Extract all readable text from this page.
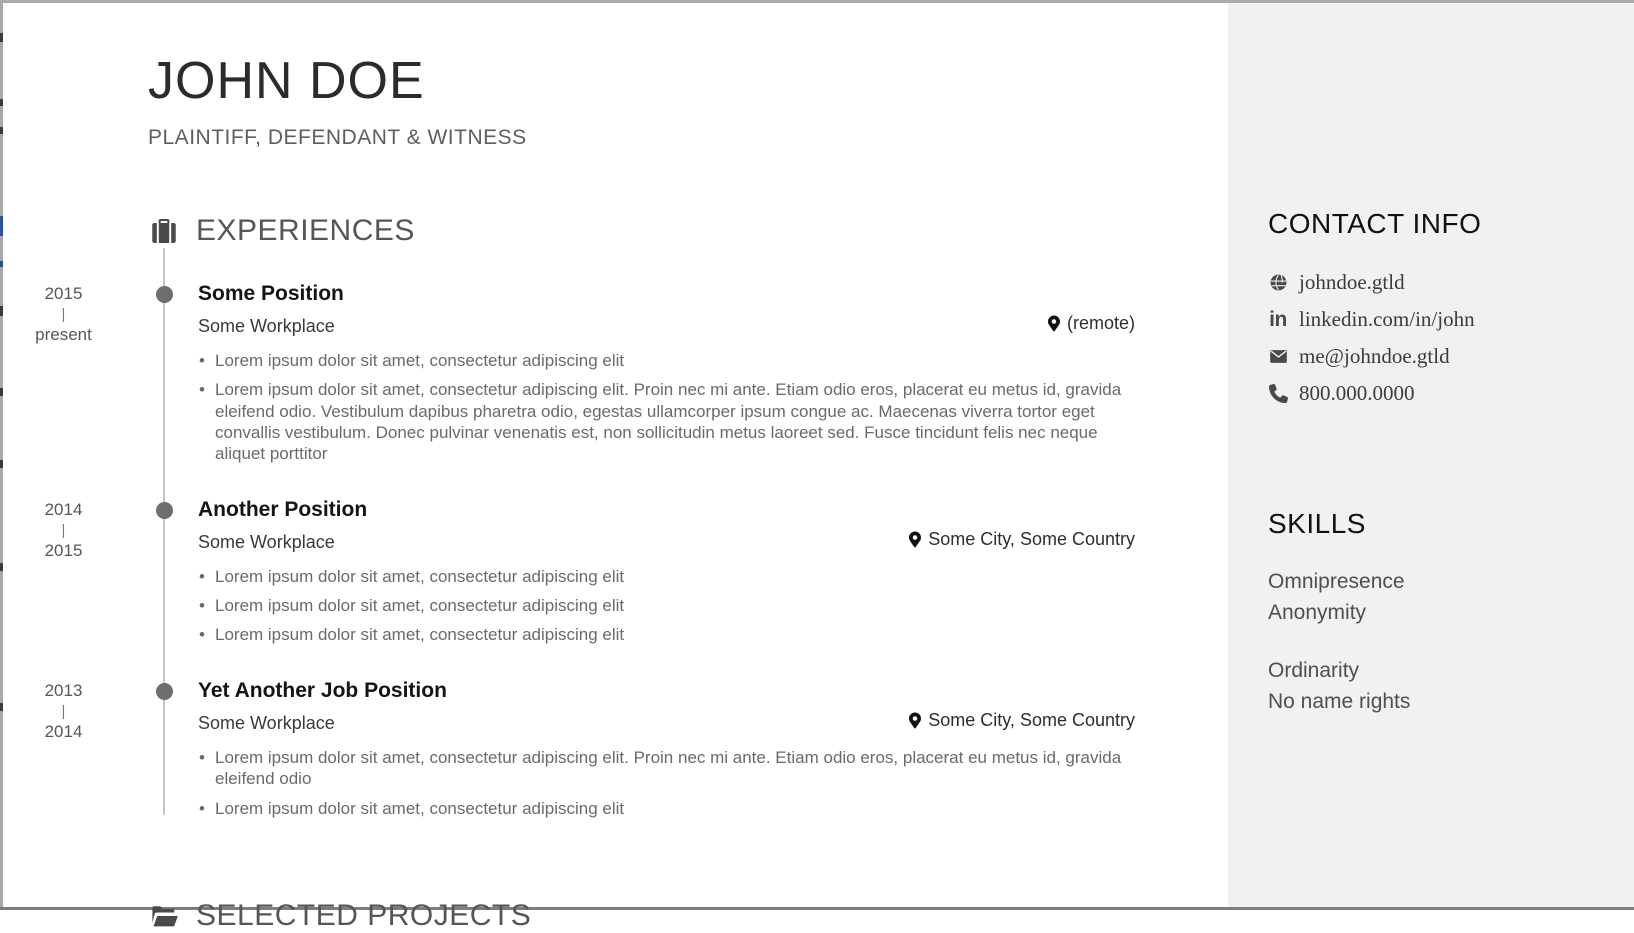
JOHN DOE
PLAINTIFF, DEFENDANT & WITNESS
EXPERIENCES
2015
|
present
Some Position
Some Workplace	(remote)
• Lorem ipsum dolor sit amet, consectetur adipiscing elit
• Lorem ipsum dolor sit amet, consectetur adipiscing elit. Proin nec mi ante. Etiam odio eros, placerat eu metus id, gravida eleifend odio. Vestibulum dapibus pharetra odio, egestas ullamcorper ipsum congue ac. Maecenas viverra tortor eget convallis vestibulum. Donec pulvinar venenatis est, non sollicitudin metus laoreet sed. Fusce tincidunt felis nec neque aliquet porttitor
2014
|
2015
Another Position
Some Workplace	Some City, Some Country
• Lorem ipsum dolor sit amet, consectetur adipiscing elit
• Lorem ipsum dolor sit amet, consectetur adipiscing elit
• Lorem ipsum dolor sit amet, consectetur adipiscing elit
2013
|
2014
Yet Another Job Position
Some Workplace	Some City, Some Country
• Lorem ipsum dolor sit amet, consectetur adipiscing elit. Proin nec mi ante. Etiam odio eros, placerat eu metus id, gravida eleifend odio
• Lorem ipsum dolor sit amet, consectetur adipiscing elit
SELECTED PROJECTS
CONTACT INFO
johndoe.gtld
in linkedin.com/in/john
me@johndoe.gtld
800.000.0000
SKILLS
Omnipresence
Anonymity
Ordinarity
No name rights
